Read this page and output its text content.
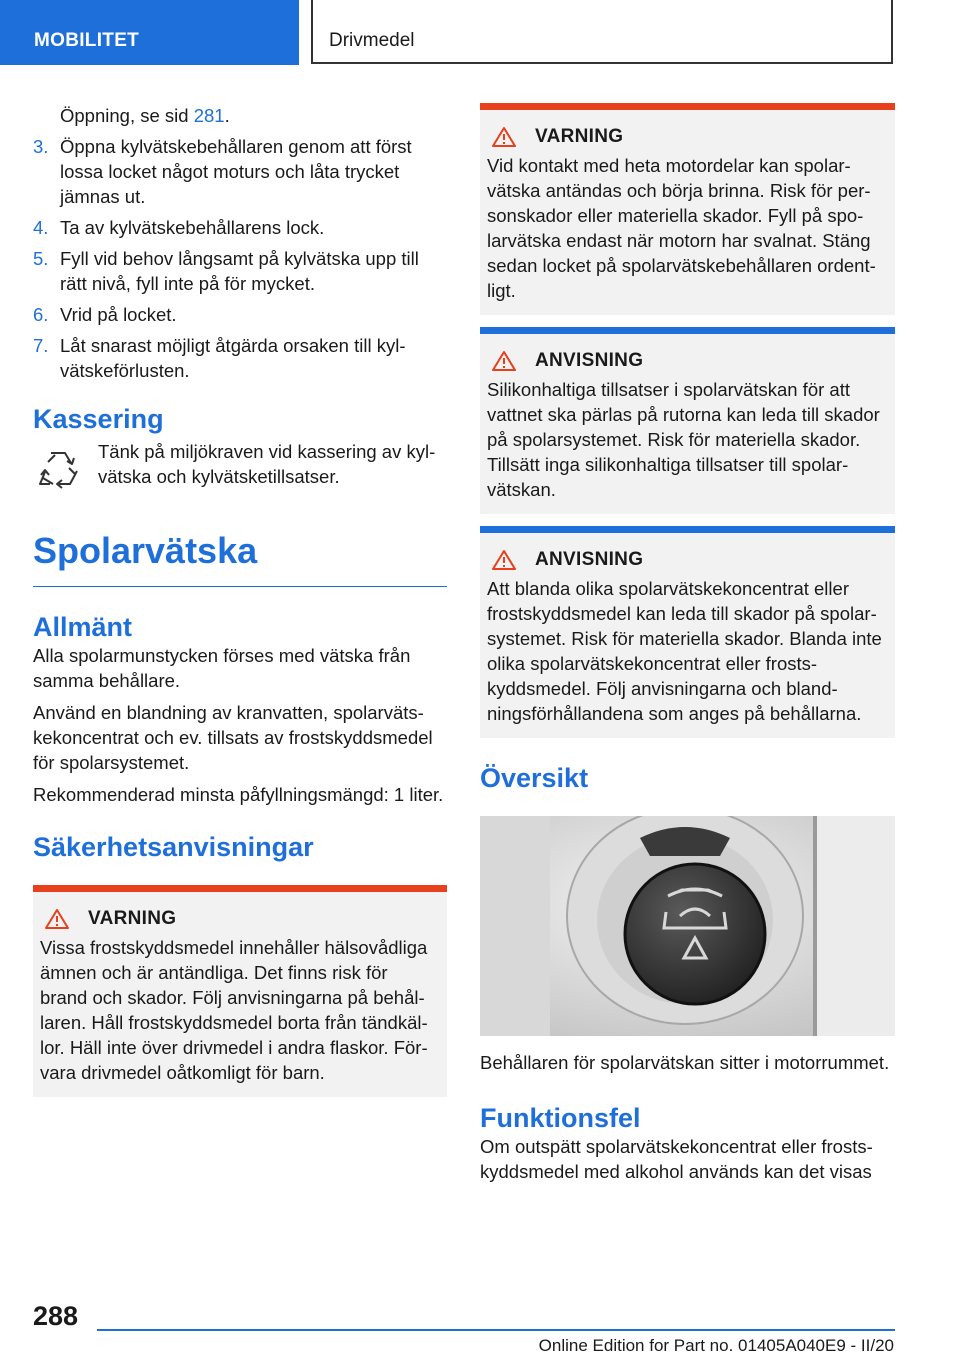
MOBILITET	Drivmedel
Öppning, se sid 281.
3. Öppna kylvätskebehållaren genom att först lossa locket något moturs och låta trycket jämnas ut.
4. Ta av kylvätskebehållarens lock.
5. Fyll vid behov långsamt på kylvätska upp till rätt nivå, fyll inte på för mycket.
6. Vrid på locket.
7. Låt snarast möjligt åtgärda orsaken till kylvätskeförlusten.
Kassering
Tänk på miljökraven vid kassering av kylvätska och kylvätsketillsatser.
Spolarvätska
Allmänt

Alla spolarmunstycken förses med vätska från samma behållare.

Använd en blandning av kranvatten, spolarvätskekoncentrat och ev. tillsats av frostskyddsmedel för spolarsystemet.

Rekommenderad minsta påfyllningsmängd: 1 liter.

Säkerhetsanvisningar
VARNING
Vissa frostskyddsmedel innehåller hälsovådliga ämnen och är antändliga. Det finns risk för brand och skador. Följ anvisningarna på behållaren. Håll frostskyddsmedel borta från tändkällor. Häll inte över drivmedel i andra flaskor. Förvara drivmedel oåtkomligt för barn.
VARNING
Vid kontakt med heta motordelar kan spolarvätska antändas och börja brinna. Risk för personskador eller materiella skador. Fyll på spolarvätska endast när motorn har svalnat. Stäng sedan locket på spolarvätskebehållaren ordentligt.
ANVISNING
Silikonhaltiga tillsatser i spolarvätskan för att vattnet ska pärlas på rutorna kan leda till skador på spolarsystemet. Risk för materiella skador. Tillsätt inga silikonhaltiga tillsatser till spolarvätskan.
ANVISNING
Att blanda olika spolarvätskekoncentrat eller frostskyddsmedel kan leda till skador på spolarsystemet. Risk för materiella skador. Blanda inte olika spolarvätskekoncentrat eller frostskyddsmedel. Följ anvisningarna och blandningsförhållandena som anges på behållarna.
Översikt

Behållaren för spolarvätskan sitter i motorrummet.

Funktionsfel

Om outspätt spolarvätskekoncentrat eller frostskyddsmedel med alkohol används kan det visas

288
Online Edition for Part no. 01405A040E9 - II/20
